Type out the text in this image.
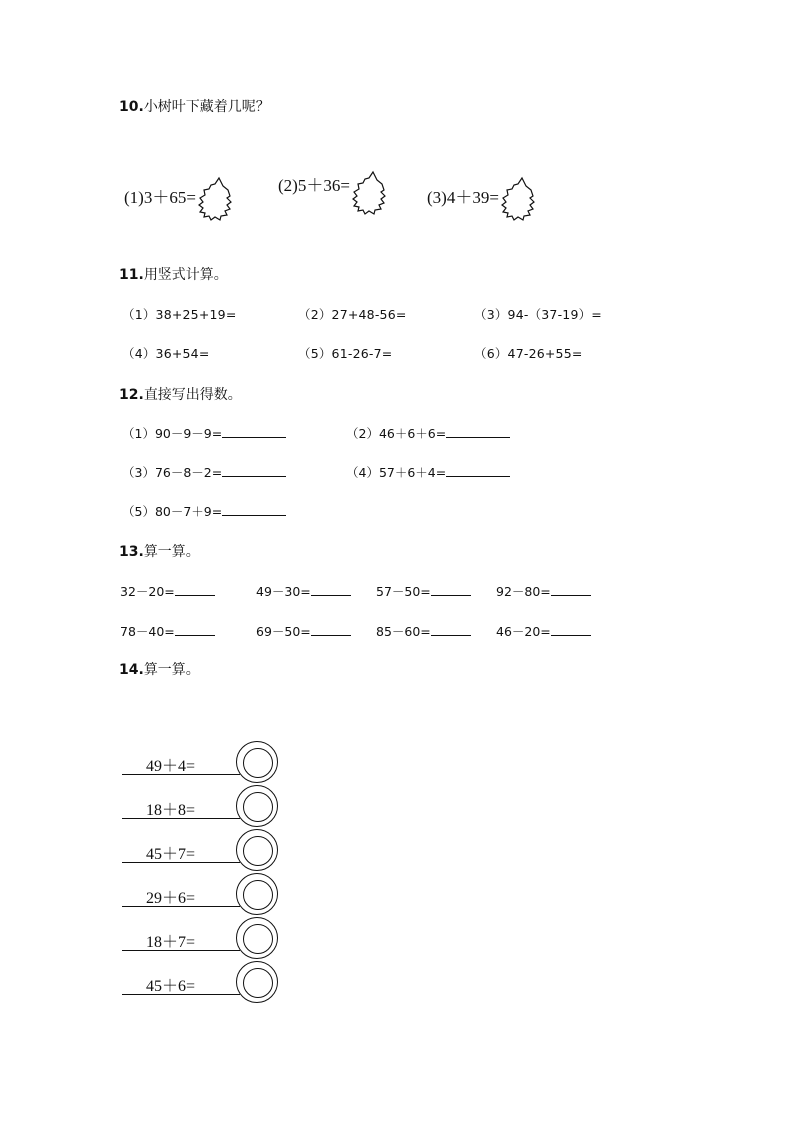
10.小树叶下藏着几呢？
(1)3＋65=
(2)5＋36=
(3)4＋39=
11.用竖式计算。
（1）38+25+19=	（2）27+48-56=	（3）94-（37-19）=
（4）36+54=	（5）61-26-7=	（6）47-26+55=
12.直接写出得数。
（1）90－9－9=	（2）46＋6＋6=
（3）76－8－2=	（4）57＋6＋4=
（5）80－7＋9=
13.算一算。
32－20=	49－30=	57－50=	92－80=
78－40=	69－50=	85－60=	46－20=
14.算一算。
49＋4=
18＋8=
45＋7=
29＋6=
18＋7=
45＋6=
